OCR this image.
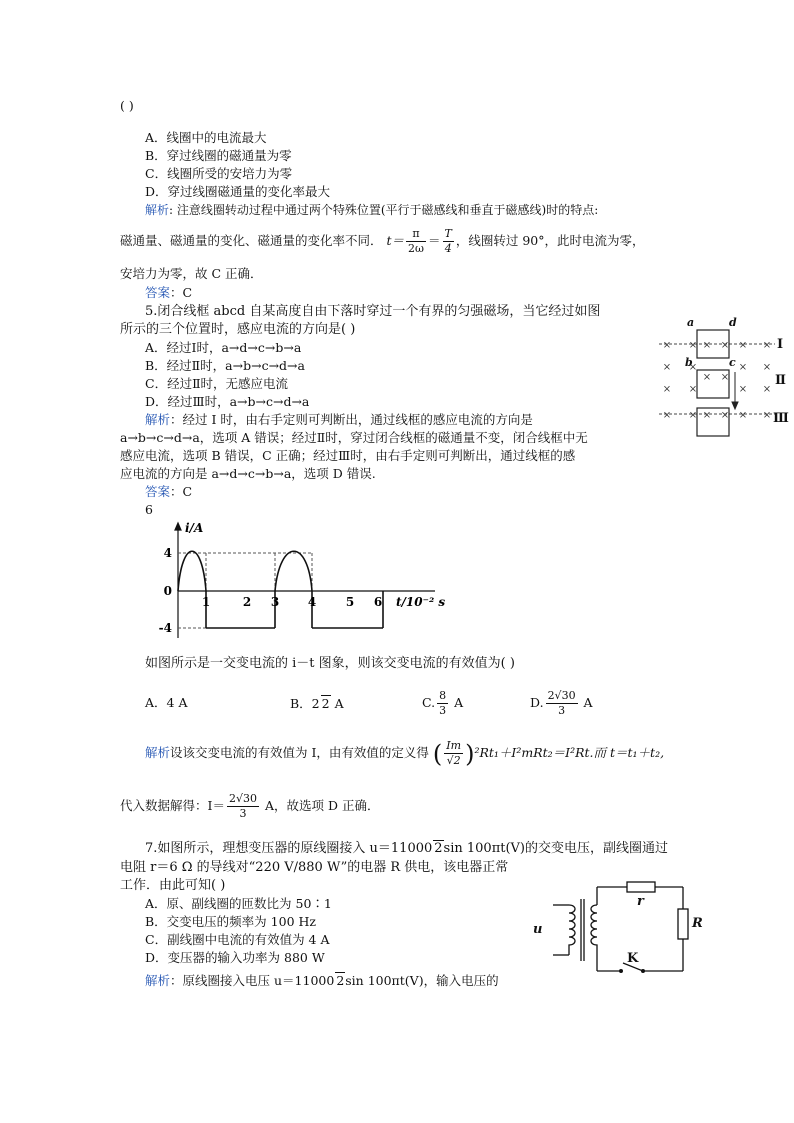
( )
A．线圈中的电流最大
B．穿过线圈的磁通量为零
C．线圈所受的安培力为零
D．穿过线圈磁通量的变化率最大
解析: 注意线圈转动过程中通过两个特殊位置(平行于磁感线和垂直于磁感线)时的特点:
磁通量、磁通量的变化、磁通量的变化率不同． $t= \frac{\pi}{2\omega} = \frac{T}{4}$ ，线圈转过 90°，此时电流为零，
安培力为零，故 C 正确．
答案：C
5.闭合线框 abcd 自某高度自由下落时穿过一个有界的匀强磁场，当它经过如图
所示的三个位置时，感应电流的方向是( )
A．经过Ⅰ时，a→d→c→b→a
B．经过Ⅱ时，a→b→c→d→a
C．经过Ⅱ时，无感应电流
D．经过Ⅲ时，a→b→c→d→a
解析：经过 Ⅰ 时，由右手定则可判断出，通过线框的感应电流的方向是
a→b→c→d→a，选项 A 错误；经过Ⅱ时，穿过闭合线框的磁通量不变，闭合线框中无
感应电流，选项 B 错误，C 正确；经过Ⅲ时，由右手定则可判断出，通过线框的感
应电流的方向是 a→d→c→b→a，选项 D 错误.
答案：C
× ×	× ×
× ×	× ×
× ×	× ×
× ×	× ×
× ×
× ×
× ×
a	d
b	c
Ⅰ
Ⅱ
Ⅲ
6
i/A
4
0
-4
1	2 3 4 5 6 t/10⁻² s
如图所示是一交变电流的 i－t 图象，则该交变电流的有效值为( )
A．4 A	B．2 2 A	C. $\frac{8}{3}$ A	D. $\frac{2√30}{3}$ A
解析设该交变电流的有效值为 I，由有效值的定义得 ( $\frac{Im}{√2} )^2Rt_1+I^2mRt_2=I^2Rt$.而 t＝t₁＋t₂,
代入数据解得：$I= \frac{2√30}{3}$ A，故选项 D 正确．
7.如图所示，理想变压器的原线圈接入 u＝11000 2sin 100πt(V)的交变电压，副线圈通过
电阻 r＝6 Ω 的导线对“220 V/880 W”的电器 R 供电，该电器正常
工作．由此可知( )
A．原、副线圈的匝数比为 50∶1
B．交变电压的频率为 100 Hz
C．副线圈中电流的有效值为 4 A
D．变压器的输入功率为 880 W
解析：原线圈接入电压 u＝11000 2sin 100πt(V)，输入电压的
u
r
R
K
